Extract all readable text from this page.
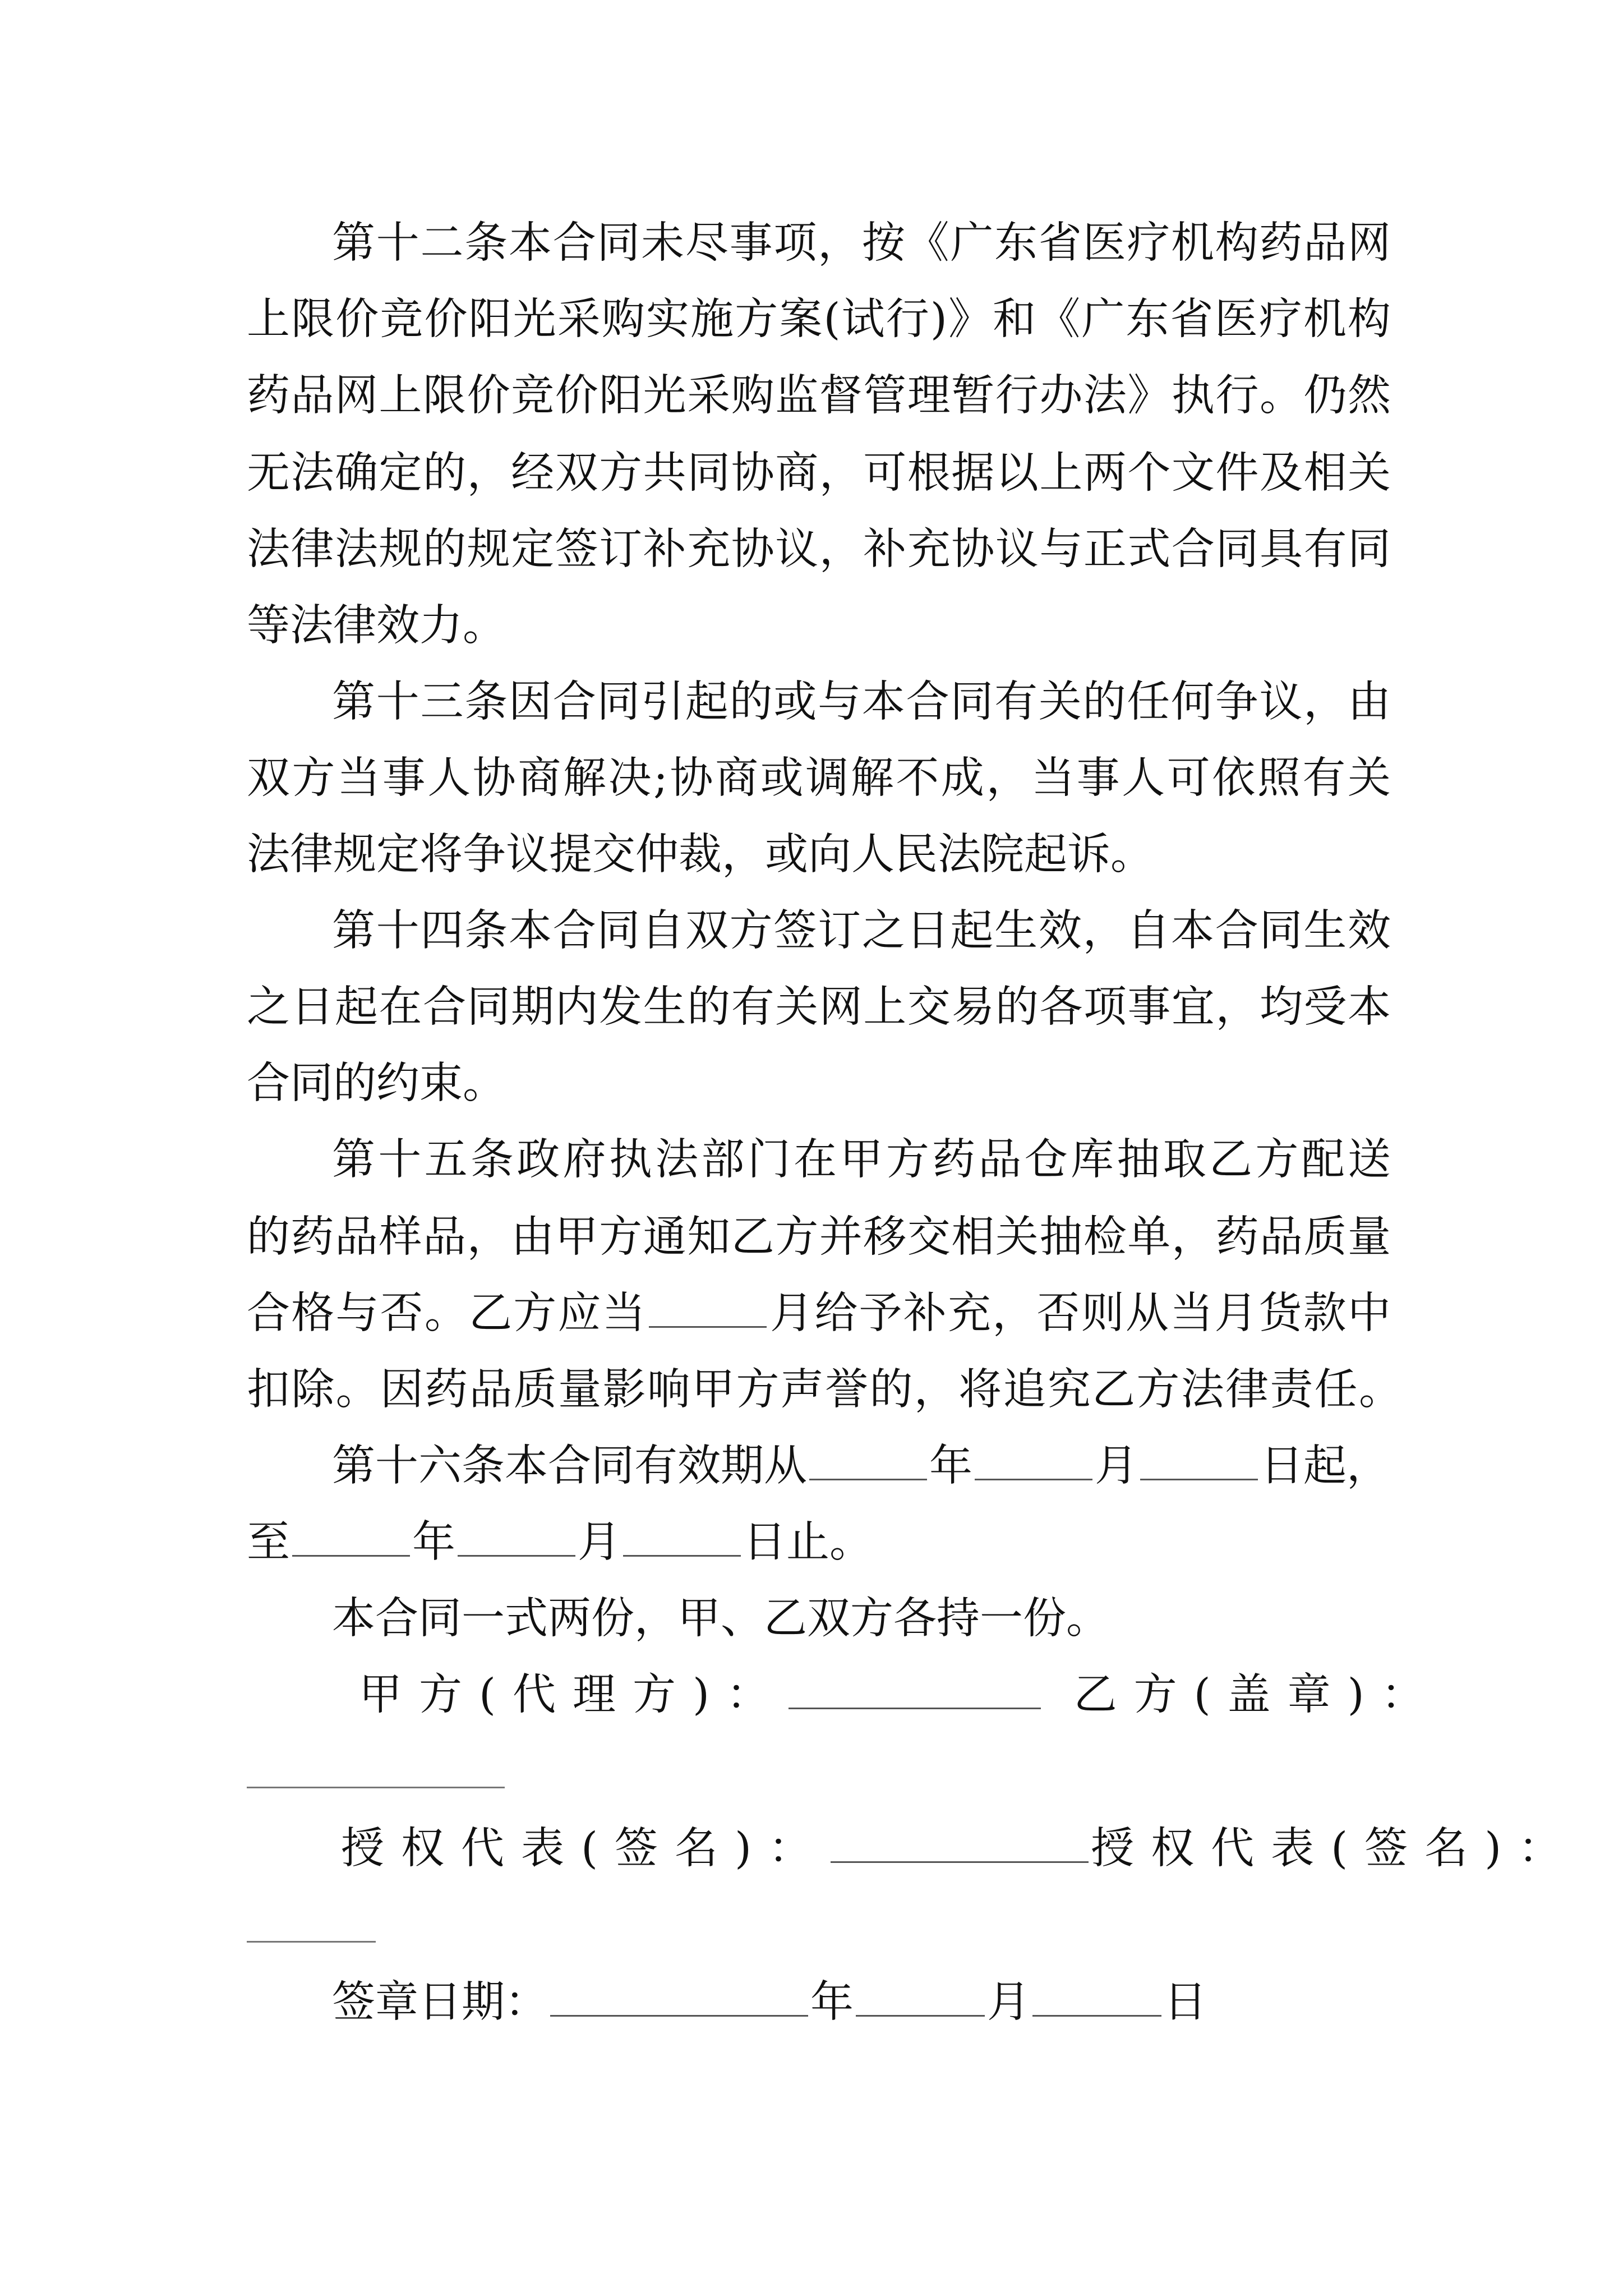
第十二条本合同未尽事项，按《广东省医疗机构药品网
上限价竞价阳光采购实施方案(试行)》和《广东省医疗机构
药品网上限价竞价阳光采购监督管理暂行办法》执行。仍然
无法确定的，经双方共同协商，可根据以上两个文件及相关
法律法规的规定签订补充协议，补充协议与正式合同具有同
等法律效力。
第十三条因合同引起的或与本合同有关的任何争议，由
双方当事人协商解决;协商或调解不成，当事人可依照有关
法律规定将争议提交仲裁，或向人民法院起诉。
第十四条本合同自双方签订之日起生效，自本合同生效
之日起在合同期内发生的有关网上交易的各项事宜，均受本
合同的约束。
第十五条政府执法部门在甲方药品仓库抽取乙方配送
的药品样品，由甲方通知乙方并移交相关抽检单，药品质量
合格与否。乙方应当	月给予补充，否则从当月货款中
扣除。因药品质量影响甲方声誉的，将追究乙方法律责任。
第十六条本合同有效期从	年	月	日起，
至	年	月	日止。
本合同一式两份，甲、乙双方各持一份。
甲方(代理方)：	乙方(盖章)：
授权代表(签名)：	授权代表(签名)：
签章日期：	年	月	日
